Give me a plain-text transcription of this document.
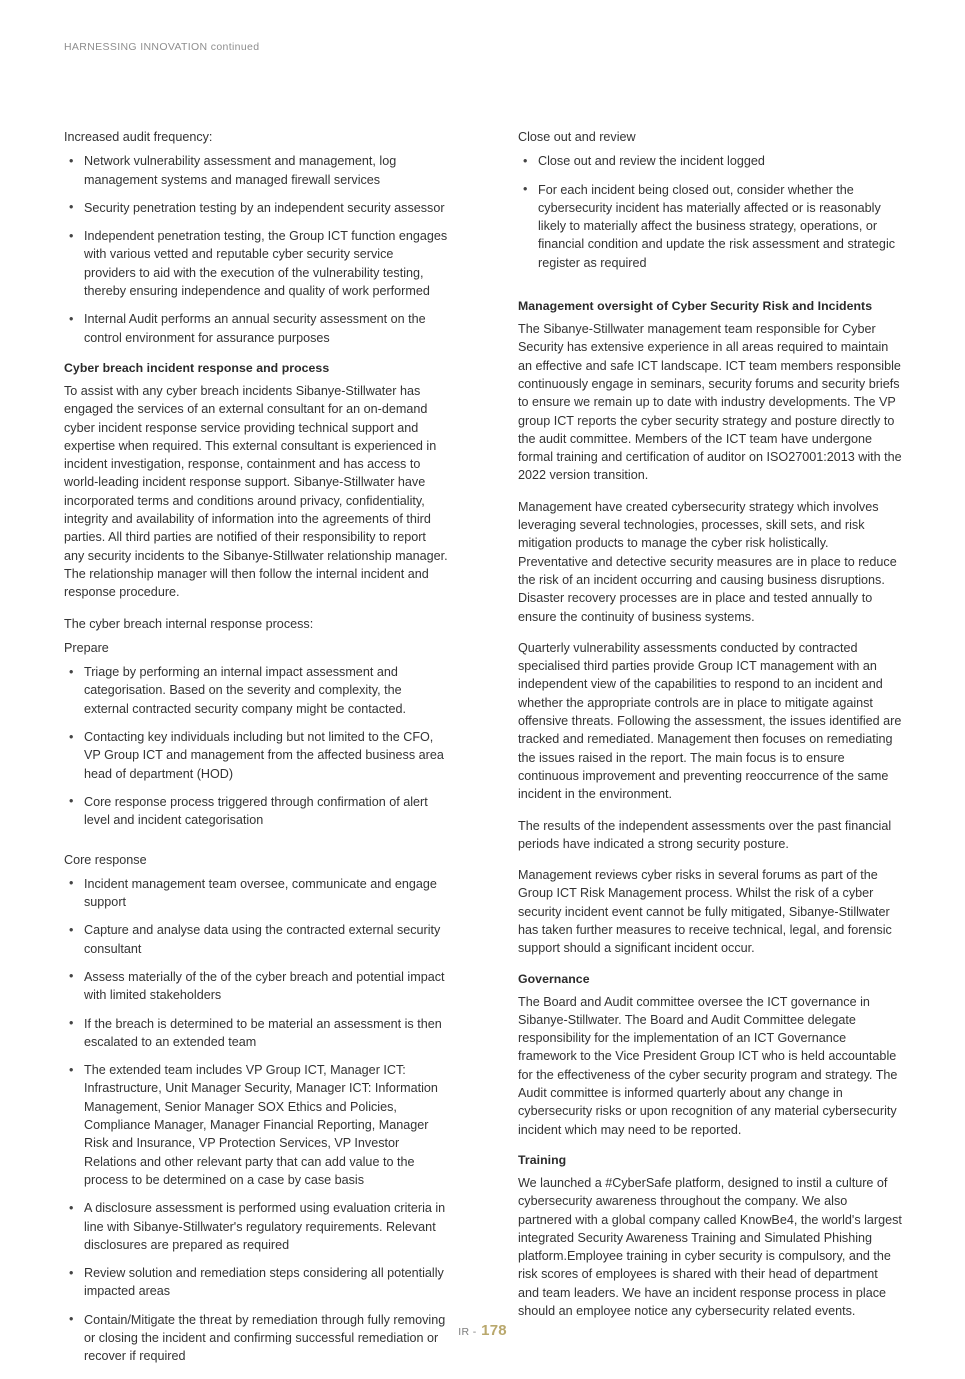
HARNESSING INNOVATION continued

Increased audit frequency:

• Network vulnerability assessment and management, log management systems and managed firewall services
• Security penetration testing by an independent security assessor
• Independent penetration testing, the Group ICT function engages with various vetted and reputable cyber security service providers to aid with the execution of the vulnerability testing, thereby ensuring independence and quality of work performed
• Internal Audit performs an annual security assessment on the control environment for assurance purposes
Cyber breach incident response and process

To assist with any cyber breach incidents Sibanye-Stillwater has engaged the services of an external consultant for an on-demand cyber incident response service providing technical support and expertise when required. This external consultant is experienced in incident investigation, response, containment and has access to world-leading incident response support. Sibanye-Stillwater have incorporated terms and conditions around privacy, confidentiality, integrity and availability of information into the agreements of third parties. All third parties are notified of their responsibility to report any security incidents to the Sibanye-Stillwater relationship manager. The relationship manager will then follow the internal incident and response procedure.

The cyber breach internal response process:

Prepare

• Triage by performing an internal impact assessment and categorisation. Based on the severity and complexity, the external contracted security company might be contacted.
• Contacting key individuals including but not limited to the CFO, VP Group ICT and management from the affected business area head of department (HOD)
• Core response process triggered through confirmation of alert level and incident categorisation

Core response

• Incident management team oversee, communicate and engage support
• Capture and analyse data using the contracted external security consultant
• Assess materially of the of the cyber breach and potential impact with limited stakeholders
• If the breach is determined to be material an assessment is then escalated to an extended team
• The extended team includes VP Group ICT, Manager ICT: Infrastructure, Unit Manager Security, Manager ICT: Information Management, Senior Manager SOX Ethics and Policies, Compliance Manager, Manager Financial Reporting, Manager Risk and Insurance, VP Protection Services, VP Investor Relations and other relevant party that can add value to the process to be determined on a case by case basis
• A disclosure assessment is performed using evaluation criteria in line with Sibanye-Stillwater's regulatory requirements. Relevant disclosures are prepared as required
• Review solution and remediation steps considering all potentially impacted areas
• Contain/Mitigate the threat by remediation through fully removing or closing the incident and confirming successful remediation or recover if required

Close out and review

• Close out and review the incident logged
• For each incident being closed out, consider whether the cybersecurity incident has materially affected or is reasonably likely to materially affect the business strategy, operations, or financial condition and update the risk assessment and strategic register as required
Management oversight of Cyber Security Risk and Incidents

The Sibanye-Stillwater management team responsible for Cyber Security has extensive experience in all areas required to maintain an effective and safe ICT landscape. ICT team members responsible continuously engage in seminars, security forums and security briefs to ensure we remain up to date with industry developments. The VP group ICT reports the cyber security strategy and posture directly to the audit committee. Members of the ICT team have undergone formal training and certification of auditor on ISO27001:2013 with the 2022 version transition.

Management have created cybersecurity strategy which involves leveraging several technologies, processes, skill sets, and risk mitigation products to manage the cyber risk holistically. Preventative and detective security measures are in place to reduce the risk of an incident occurring and causing business disruptions. Disaster recovery processes are in place and tested annually to ensure the continuity of business systems.

Quarterly vulnerability assessments conducted by contracted specialised third parties provide Group ICT management with an independent view of the capabilities to respond to an incident and whether the appropriate controls are in place to mitigate against offensive threats. Following the assessment, the issues identified are tracked and remediated. Management then focuses on remediating the issues raised in the report. The main focus is to ensure continuous improvement and preventing reoccurrence of the same incident in the environment.

The results of the independent assessments over the past financial periods have indicated a strong security posture.

Management reviews cyber risks in several forums as part of the Group ICT Risk Management process. Whilst the risk of a cyber security incident event cannot be fully mitigated, Sibanye-Stillwater has taken further measures to receive technical, legal, and forensic support should a significant incident occur.

Governance

The Board and Audit committee oversee the ICT governance in Sibanye-Stillwater. The Board and Audit Committee delegate responsibility for the implementation of an ICT Governance framework to the Vice President Group ICT who is held accountable for the effectiveness of the cyber security program and strategy. The Audit committee is informed quarterly about any change in cybersecurity risks or upon recognition of any material cybersecurity incident which may need to be reported.

Training

We launched a #CyberSafe platform, designed to instil a culture of cybersecurity awareness throughout the company. We also partnered with a global company called KnowBe4, the world's largest integrated Security Awareness Training and Simulated Phishing platform.Employee training in cyber security is compulsory, and the risk scores of employees is shared with their head of department and team leaders. We have an incident response process in place should an employee notice any cybersecurity related events.

IR - 178
